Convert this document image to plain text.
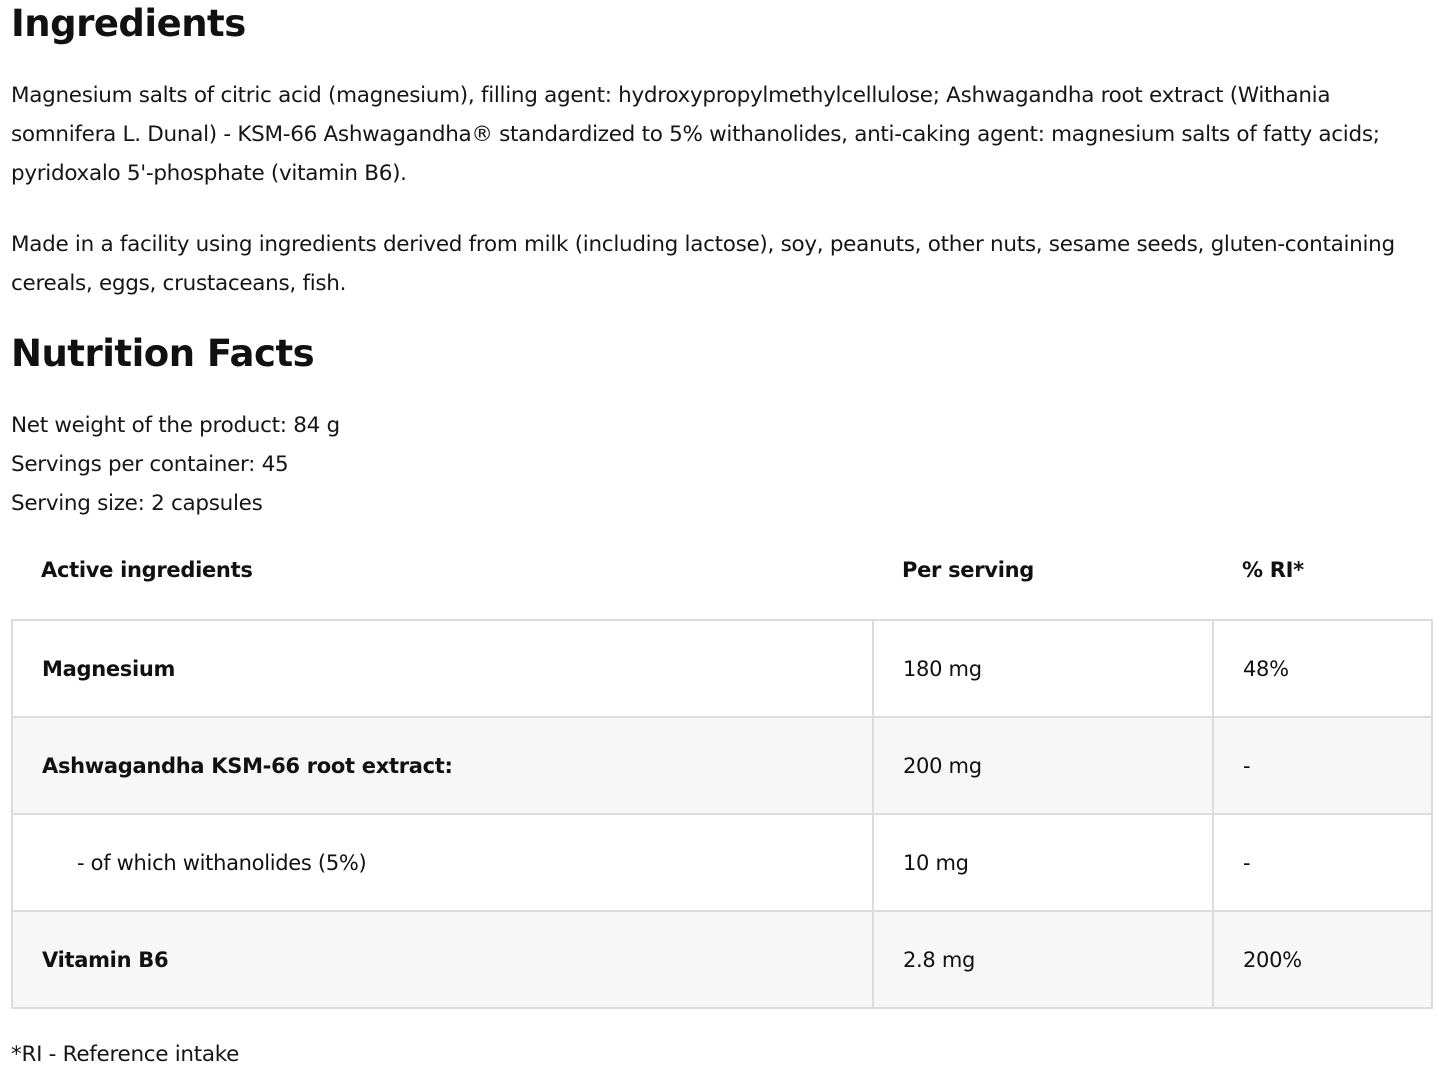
Ingredients

Magnesium salts of citric acid (magnesium), filling agent: hydroxypropylmethylcellulose; Ashwagandha root extract (Withania somnifera L. Dunal) - KSM-66 Ashwagandha® standardized to 5% withanolides, anti-caking agent: magnesium salts of fatty acids; pyridoxalo 5'-phosphate (vitamin B6).

Made in a facility using ingredients derived from milk (including lactose), soy, peanuts, other nuts, sesame seeds, gluten-containing cereals, eggs, crustaceans, fish.

Nutrition Facts
Net weight of the product: 84 g
Servings per container: 45
Serving size: 2 capsules
Active ingredients	Per serving	% RI*
Magnesium	180 mg	48%
Ashwagandha KSM-66 root extract:	200 mg	-
- of which withanolides (5%)	10 mg	-
Vitamin B6	2.8 mg	200%
*RI - Reference intake
